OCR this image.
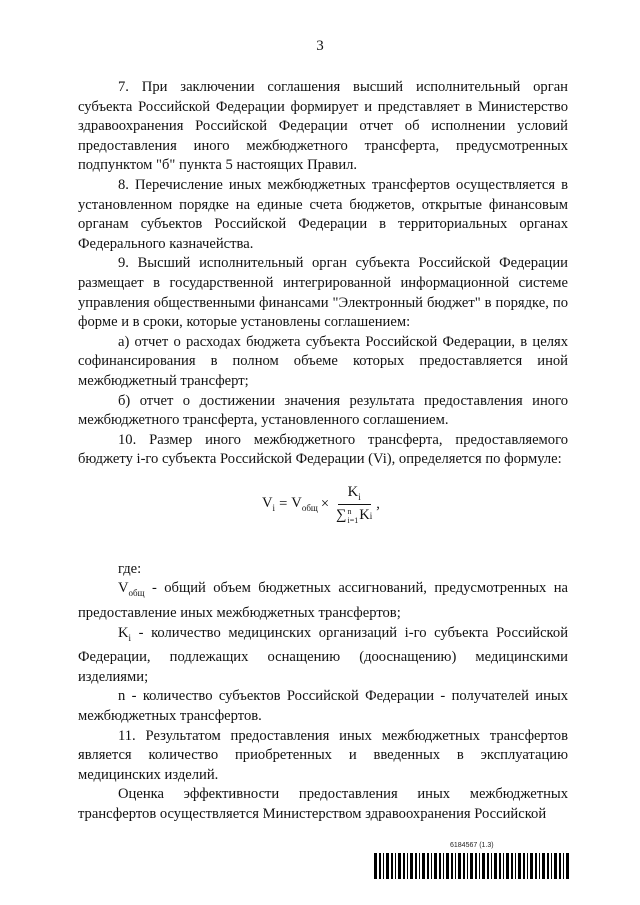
3

7. При заключении соглашения высший исполнительный орган субъекта Российской Федерации формирует и представляет в Министерство здравоохранения Российской Федерации отчет об исполнении условий предоставления иного межбюджетного трансферта, предусмотренных подпунктом "б" пункта 5 настоящих Правил.

8. Перечисление иных межбюджетных трансфертов осуществляется в установленном порядке на единые счета бюджетов, открытые финансовым органам субъектов Российской Федерации в территориальных органах Федерального казначейства.

9. Высший исполнительный орган субъекта Российской Федерации размещает в государственной интегрированной информационной системе управления общественными финансами "Электронный бюджет" в порядке, по форме и в сроки, которые установлены соглашением:

а) отчет о расходах бюджета субъекта Российской Федерации, в целях софинансирования в полном объеме которых предоставляется иной межбюджетный трансферт;

б) отчет о достижении значения результата предоставления иного межбюджетного трансферта, установленного соглашением.

10. Размер иного межбюджетного трансферта, предоставляемого бюджету i-го субъекта Российской Федерации (Vi), определяется по формуле:

$V_i = V_{общ} \times K_i$
∑ n
i=1 K i ,

где:

$V_{общ}$ - общий объем бюджетных ассигнований, предусмотренных на предоставление иных межбюджетных трансфертов;

$K_i$ - количество медицинских организаций i-го субъекта Российской Федерации, подлежащих оснащению (дооснащению) медицинскими изделиями;

n - количество субъектов Российской Федерации - получателей иных межбюджетных трансфертов.

11. Результатом предоставления иных межбюджетных трансфертов является количество приобретенных и введенных в эксплуатацию медицинских изделий.

Оценка эффективности предоставления иных межбюджетных трансфертов осуществляется Министерством здравоохранения Российской

6184567 (1.3)
